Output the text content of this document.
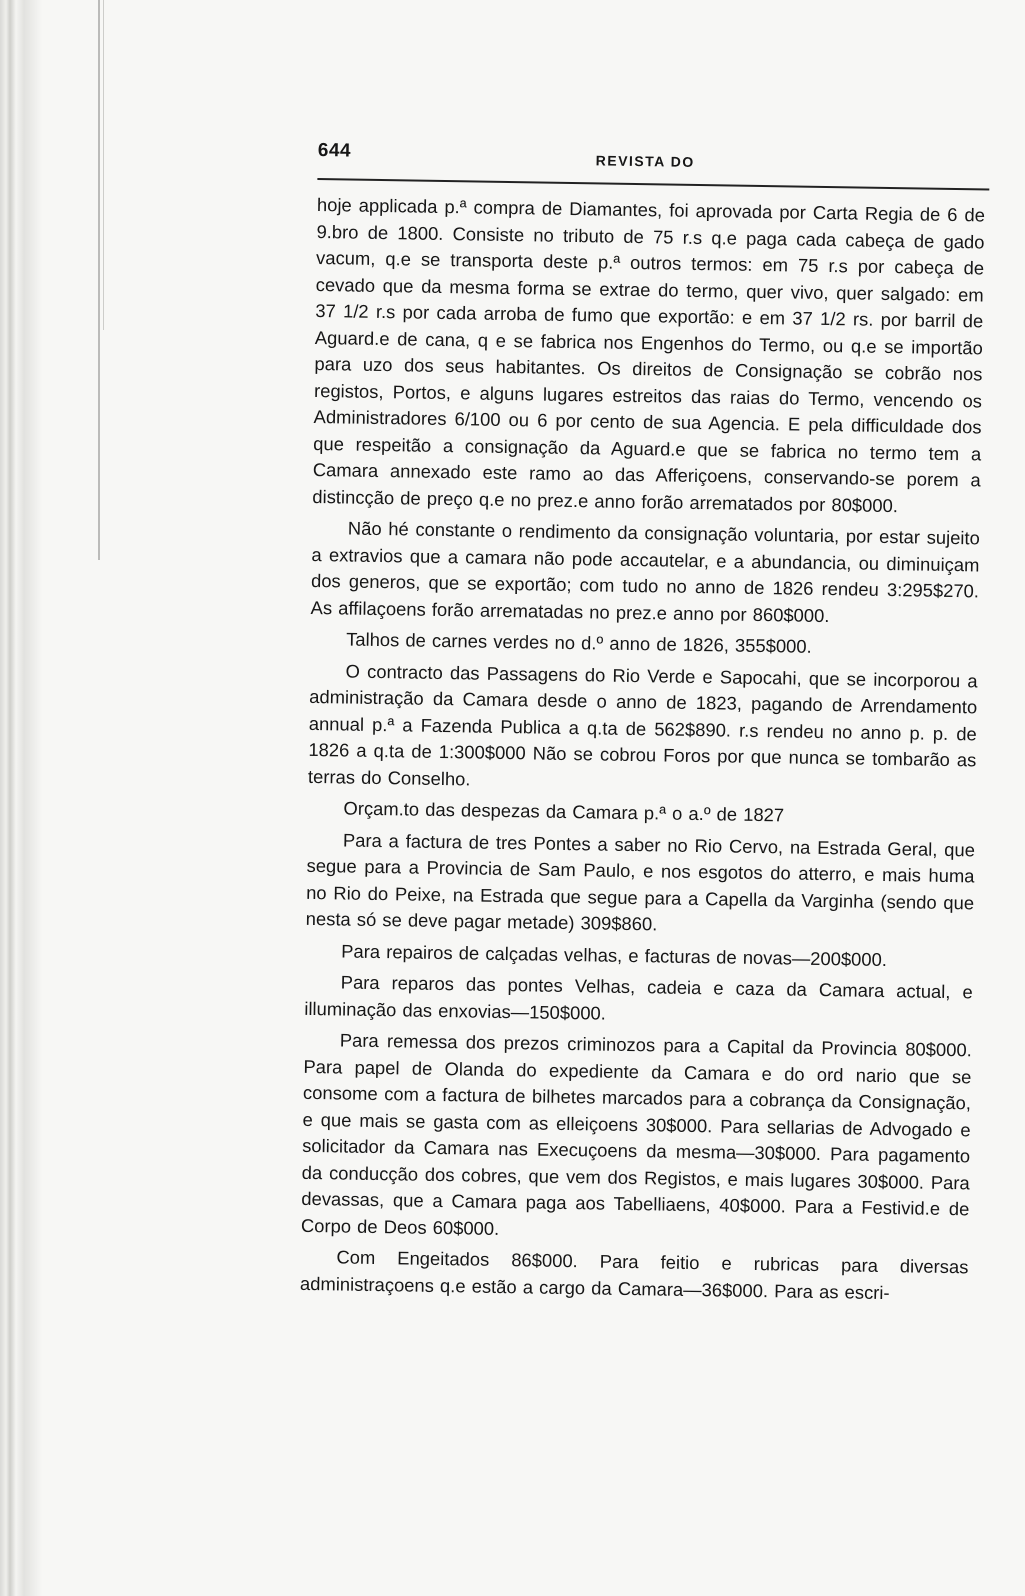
644	REVISTA DO

hoje applicada p.ª compra de Diamantes, foi aprovada por Carta Regia de 6 de 9.bro de 1800. Consiste no tributo de 75 r.s q.e paga cada cabeça de gado vacum, q.e se transporta deste p.ª outros termos: em 75 r.s por cabeça de cevado que da mesma forma se extrae do termo, quer vivo, quer salgado: em 37 1/2 r.s por cada arroba de fumo que exportão: e em 37 1/2 rs. por barril de Aguard.e de cana, q e se fabrica nos Engenhos do Termo, ou q.e se importão para uzo dos seus habitantes. Os direitos de Consignação se cobrão nos registos, Portos, e alguns lugares estreitos das raias do Termo, vencendo os Administradores 6/100 ou 6 por cento de sua Agencia. E pela difficuldade dos que respeitão a consignação da Aguard.e que se fabrica no termo tem a Camara annexado este ramo ao das Afferiçoens, conservando-se porem a distincção de preço q.e no prez.e anno forão arrematados por 80$000.

Não hé constante o rendimento da consignação voluntaria, por estar sujeito a extravios que a camara não pode accautelar, e a abundancia, ou diminuiçam dos generos, que se exportão; com tudo no anno de 1826 rendeu 3:295$270. As affilaçoens forão arrematadas no prez.e anno por 860$000.

Talhos de carnes verdes no d.º anno de 1826, 355$000.

O contracto das Passagens do Rio Verde e Sapocahi, que se incorporou a administração da Camara desde o anno de 1823, pagando de Arrendamento annual p.ª a Fazenda Publica a q.ta de 562$890. r.s rendeu no anno p. p. de 1826 a q.ta de 1:300$000 Não se cobrou Foros por que nunca se tombarão as terras do Conselho.

Orçam.to das despezas da Camara p.ª o a.º de 1827

Para a factura de tres Pontes a saber no Rio Cervo, na Estrada Geral, que segue para a Provincia de Sam Paulo, e nos esgotos do atterro, e mais huma no Rio do Peixe, na Estrada que segue para a Capella da Varginha (sendo que nesta só se deve pagar metade) 309$860.

Para repairos de calçadas velhas, e facturas de novas—200$000.

Para reparos das pontes Velhas, cadeia e caza da Camara actual, e illuminação das enxovias—150$000.

Para remessa dos prezos criminozos para a Capital da Provincia 80$000. Para papel de Olanda do expediente da Camara e do ord nario que se consome com a factura de bilhetes marcados para a cobrança da Consignação, e que mais se gasta com as elleiçoens 30$000. Para sellarias de Advogado e solicitador da Camara nas Execuçoens da mesma—30$000. Para pagamento da conducção dos cobres, que vem dos Registos, e mais lugares 30$000. Para devassas, que a Camara paga aos Tabelliaens, 40$000. Para a Festivid.e de Corpo de Deos 60$000.

Com Engeitados 86$000. Para feitio e rubricas para diversas administraçoens q.e estão a cargo da Camara—36$000. Para as escri-
